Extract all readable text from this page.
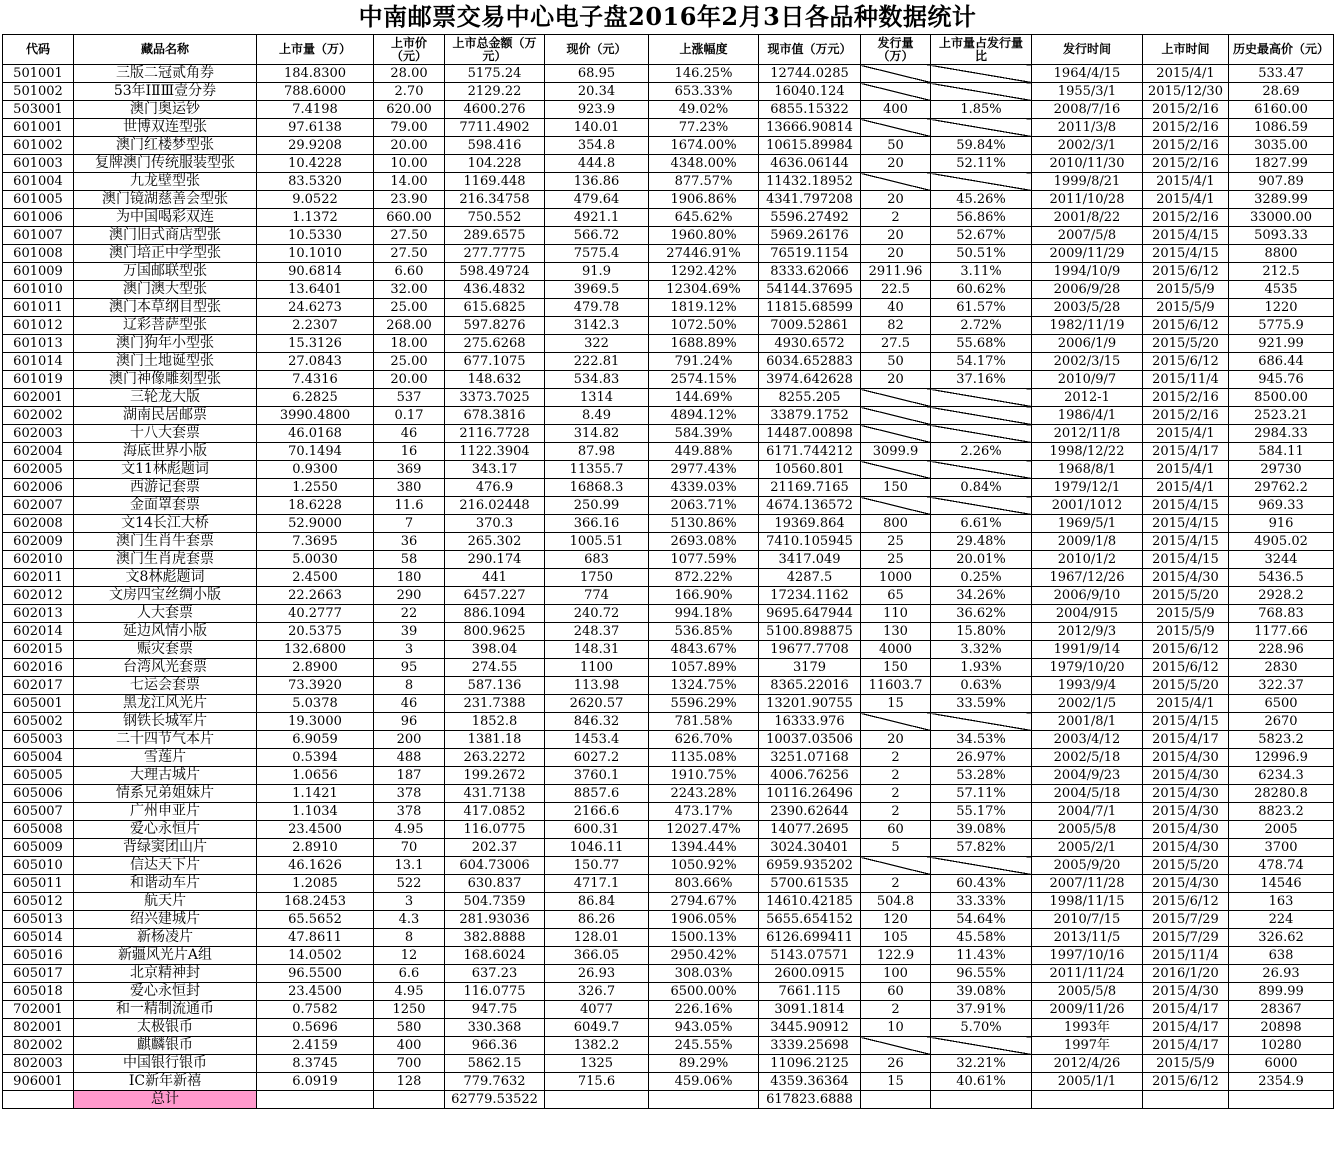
中南邮票交易中心电子盘2016年2月3日各品种数据统计
代码	藏品名称	上市量（万）	上市价（元）	上市总金额（万元）	现价（元）	上涨幅度	现市值（万元）	发行量（万）	上市量占发行量比	发行时间	上市时间	历史最高价（元）
501001	三版二冠贰角券	184.8300	28.00	5175.24	68.95	146.25%	12744.0285			1964/4/15	2015/4/1	533.47
501002	53年ⅠⅡⅢ壹分券	788.6000	2.70	2129.22	20.34	653.33%	16040.124			1955/3/1	2015/12/30	28.69
503001	澳门奥运钞	7.4198	620.00	4600.276	923.9	49.02%	6855.15322	400	1.85%	2008/7/16	2015/2/16	6160.00
601001	世博双连型张	97.6138	79.00	7711.4902	140.01	77.23%	13666.90814			2011/3/8	2015/2/16	1086.59
601002	澳门红楼梦型张	29.9208	20.00	598.416	354.8	1674.00%	10615.89984	50	59.84%	2002/3/1	2015/2/16	3035.00
601003	复牌澳门传统服装型张	10.4228	10.00	104.228	444.8	4348.00%	4636.06144	20	52.11%	2010/11/30	2015/2/16	1827.99
601004	九龙壁型张	83.5320	14.00	1169.448	136.86	877.57%	11432.18952			1999/8/21	2015/4/1	907.89
601005	澳门镜湖慈善会型张	9.0522	23.90	216.34758	479.64	1906.86%	4341.797208	20	45.26%	2011/10/28	2015/4/1	3289.99
601006	为中国喝彩双连	1.1372	660.00	750.552	4921.1	645.62%	5596.27492	2	56.86%	2001/8/22	2015/2/16	33000.00
601007	澳门旧式商店型张	10.5330	27.50	289.6575	566.72	1960.80%	5969.26176	20	52.67%	2007/5/8	2015/4/15	5093.33
601008	澳门培正中学型张	10.1010	27.50	277.7775	7575.4	27446.91%	76519.1154	20	50.51%	2009/11/29	2015/4/15	8800
601009	万国邮联型张	90.6814	6.60	598.49724	91.9	1292.42%	8333.62066	2911.96	3.11%	1994/10/9	2015/6/12	212.5
601010	澳门澳大型张	13.6401	32.00	436.4832	3969.5	12304.69%	54144.37695	22.5	60.62%	2006/9/28	2015/5/9	4535
601011	澳门本草纲目型张	24.6273	25.00	615.6825	479.78	1819.12%	11815.68599	40	61.57%	2003/5/28	2015/5/9	1220
601012	辽彩菩萨型张	2.2307	268.00	597.8276	3142.3	1072.50%	7009.52861	82	2.72%	1982/11/19	2015/6/12	5775.9
601013	澳门狗年小型张	15.3126	18.00	275.6268	322	1688.89%	4930.6572	27.5	55.68%	2006/1/9	2015/5/20	921.99
601014	澳门土地诞型张	27.0843	25.00	677.1075	222.81	791.24%	6034.652883	50	54.17%	2002/3/15	2015/6/12	686.44
601019	澳门神像雕刻型张	7.4316	20.00	148.632	534.83	2574.15%	3974.642628	20	37.16%	2010/9/7	2015/11/4	945.76
602001	三轮龙大版	6.2825	537	3373.7025	1314	144.69%	8255.205			2012-1	2015/2/16	8500.00
602002	湖南民居邮票	3990.4800	0.17	678.3816	8.49	4894.12%	33879.1752			1986/4/1	2015/2/16	2523.21
602003	十八大套票	46.0168	46	2116.7728	314.82	584.39%	14487.00898			2012/11/8	2015/4/1	2984.33
602004	海底世界小版	70.1494	16	1122.3904	87.98	449.88%	6171.744212	3099.9	2.26%	1998/12/22	2015/4/17	584.11
602005	文11林彪题词	0.9300	369	343.17	11355.7	2977.43%	10560.801			1968/8/1	2015/4/1	29730
602006	西游记套票	1.2550	380	476.9	16868.3	4339.03%	21169.7165	150	0.84%	1979/12/1	2015/4/1	29762.2
602007	金面罩套票	18.6228	11.6	216.02448	250.99	2063.71%	4674.136572			2001/1012	2015/4/15	969.33
602008	文14长江大桥	52.9000	7	370.3	366.16	5130.86%	19369.864	800	6.61%	1969/5/1	2015/4/15	916
602009	澳门生肖牛套票	7.3695	36	265.302	1005.51	2693.08%	7410.105945	25	29.48%	2009/1/8	2015/4/15	4905.02
602010	澳门生肖虎套票	5.0030	58	290.174	683	1077.59%	3417.049	25	20.01%	2010/1/2	2015/4/15	3244
602011	文8林彪题词	2.4500	180	441	1750	872.22%	4287.5	1000	0.25%	1967/12/26	2015/4/30	5436.5
602012	文房四宝丝绸小版	22.2663	290	6457.227	774	166.90%	17234.1162	65	34.26%	2006/9/10	2015/5/20	2928.2
602013	人大套票	40.2777	22	886.1094	240.72	994.18%	9695.647944	110	36.62%	2004/915	2015/5/9	768.83
602014	延边风情小版	20.5375	39	800.9625	248.37	536.85%	5100.898875	130	15.80%	2012/9/3	2015/5/9	1177.66
602015	赈灾套票	132.6800	3	398.04	148.31	4843.67%	19677.7708	4000	3.32%	1991/9/14	2015/6/12	228.96
602016	台湾风光套票	2.8900	95	274.55	1100	1057.89%	3179	150	1.93%	1979/10/20	2015/6/12	2830
602017	七运会套票	73.3920	8	587.136	113.98	1324.75%	8365.22016	11603.7	0.63%	1993/9/4	2015/5/20	322.37
605001	黑龙江风光片	5.0378	46	231.7388	2620.57	5596.29%	13201.90755	15	33.59%	2002/1/5	2015/4/1	6500
605002	钢铁长城军片	19.3000	96	1852.8	846.32	781.58%	16333.976			2001/8/1	2015/4/15	2670
605003	二十四节气本片	6.9059	200	1381.18	1453.4	626.70%	10037.03506	20	34.53%	2003/4/12	2015/4/17	5823.2
605004	雪莲片	0.5394	488	263.2272	6027.2	1135.08%	3251.07168	2	26.97%	2002/5/18	2015/4/30	12996.9
605005	大理古城片	1.0656	187	199.2672	3760.1	1910.75%	4006.76256	2	53.28%	2004/9/23	2015/4/30	6234.3
605006	情系兄弟姐妹片	1.1421	378	431.7138	8857.6	2243.28%	10116.26496	2	57.11%	2004/5/18	2015/4/30	28280.8
605007	广州申亚片	1.1034	378	417.0852	2166.6	473.17%	2390.62644	2	55.17%	2004/7/1	2015/4/30	8823.2
605008	爱心永恒片	23.4500	4.95	116.0775	600.31	12027.47%	14077.2695	60	39.08%	2005/5/8	2015/4/30	2005
605009	背绿窦团山片	2.8910	70	202.37	1046.11	1394.44%	3024.30401	5	57.82%	2005/2/1	2015/4/30	3700
605010	信达天下片	46.1626	13.1	604.73006	150.77	1050.92%	6959.935202			2005/9/20	2015/5/20	478.74
605011	和谐动车片	1.2085	522	630.837	4717.1	803.66%	5700.61535	2	60.43%	2007/11/28	2015/4/30	14546
605012	航天片	168.2453	3	504.7359	86.84	2794.67%	14610.42185	504.8	33.33%	1998/11/15	2015/6/12	163
605013	绍兴建城片	65.5652	4.3	281.93036	86.26	1906.05%	5655.654152	120	54.64%	2010/7/15	2015/7/29	224
605014	新杨凌片	47.8611	8	382.8888	128.01	1500.13%	6126.699411	105	45.58%	2013/11/5	2015/7/29	326.62
605016	新疆风光片A组	14.0502	12	168.6024	366.05	2950.42%	5143.07571	122.9	11.43%	1997/10/16	2015/11/4	638
605017	北京精神封	96.5500	6.6	637.23	26.93	308.03%	2600.0915	100	96.55%	2011/11/24	2016/1/20	26.93
605018	爱心永恒封	23.4500	4.95	116.0775	326.7	6500.00%	7661.115	60	39.08%	2005/5/8	2015/4/30	899.99
702001	和一精制流通币	0.7582	1250	947.75	4077	226.16%	3091.1814	2	37.91%	2009/11/26	2015/4/17	28367
802001	太极银币	0.5696	580	330.368	6049.7	943.05%	3445.90912	10	5.70%	1993年	2015/4/17	20898
802002	麒麟银币	2.4159	400	966.36	1382.2	245.55%	3339.25698			1997年	2015/4/17	10280
802003	中国银行银币	8.3745	700	5862.15	1325	89.29%	11096.2125	26	32.21%	2012/4/26	2015/5/9	6000
906001	IC新年新禧	6.0919	128	779.7632	715.6	459.06%	4359.36364	15	40.61%	2005/1/1	2015/6/12	2354.9
	总计			62779.53522			617823.6888					
